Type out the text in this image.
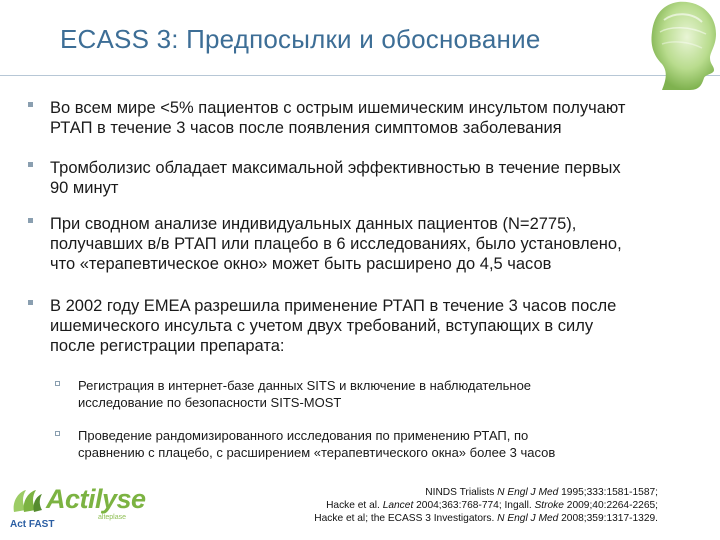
ECASS 3: Предпосылки и обоснование
Во всем мире <5% пациентов с острым ишемическим инсультом получают
РТАП в течение 3 часов после появления симптомов заболевания
Тромболизис обладает максимальной эффективностью в течение первых
90 минут
При сводном анализе индивидуальных данных пациентов (N=2775),
получавших в/в РТАП или плацебо в 6 исследованиях, было установлено,
что «терапевтическое окно» может быть расширено до 4,5 часов
В 2002 году EMEA разрешила применение РТАП в течение 3 часов после
ишемического инсульта с учетом двух требований, вступающих в силу
после регистрации препарата:
Регистрация в интернет-базе данных SITS и включение в наблюдательное
исследование по безопасности SITS-MOST
Проведение рандомизированного исследования по применению РТАП, по
сравнению с плацебо, с расширением «терапевтического окна» более 3 часов
Actilyse
alteplase
Act FAST
NINDS Trialists N Engl J Med 1995;333:1581-1587;
Hacke et al. Lancet 2004;363:768-774; Ingall. Stroke 2009;40:2264-2265;
Hacke et al; the ECASS 3 Investigators. N Engl J Med 2008;359:1317-1329.
